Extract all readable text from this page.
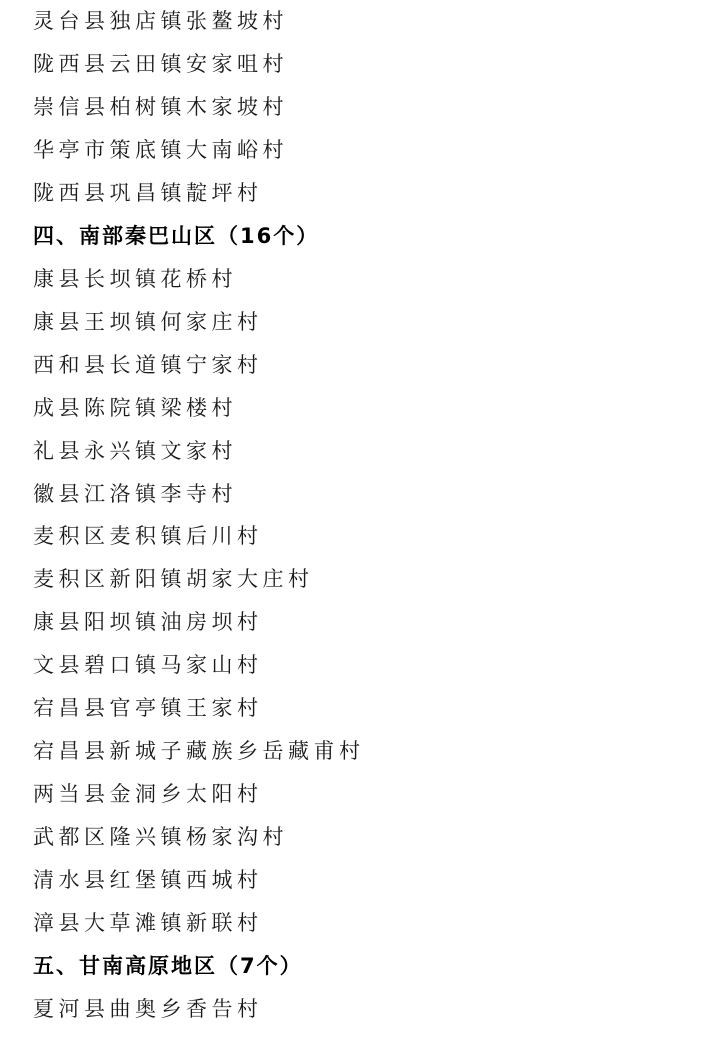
灵台县独店镇张鳌坡村
陇西县云田镇安家咀村
崇信县柏树镇木家坡村
华亭市策底镇大南峪村
陇西县巩昌镇靛坪村
四、南部秦巴山区（16个）
康县长坝镇花桥村
康县王坝镇何家庄村
西和县长道镇宁家村
成县陈院镇梁楼村
礼县永兴镇文家村
徽县江洛镇李寺村
麦积区麦积镇后川村
麦积区新阳镇胡家大庄村
康县阳坝镇油房坝村
文县碧口镇马家山村
宕昌县官亭镇王家村
宕昌县新城子藏族乡岳藏甫村
两当县金洞乡太阳村
武都区隆兴镇杨家沟村
清水县红堡镇西城村
漳县大草滩镇新联村
五、甘南高原地区（7个）
夏河县曲奥乡香告村
